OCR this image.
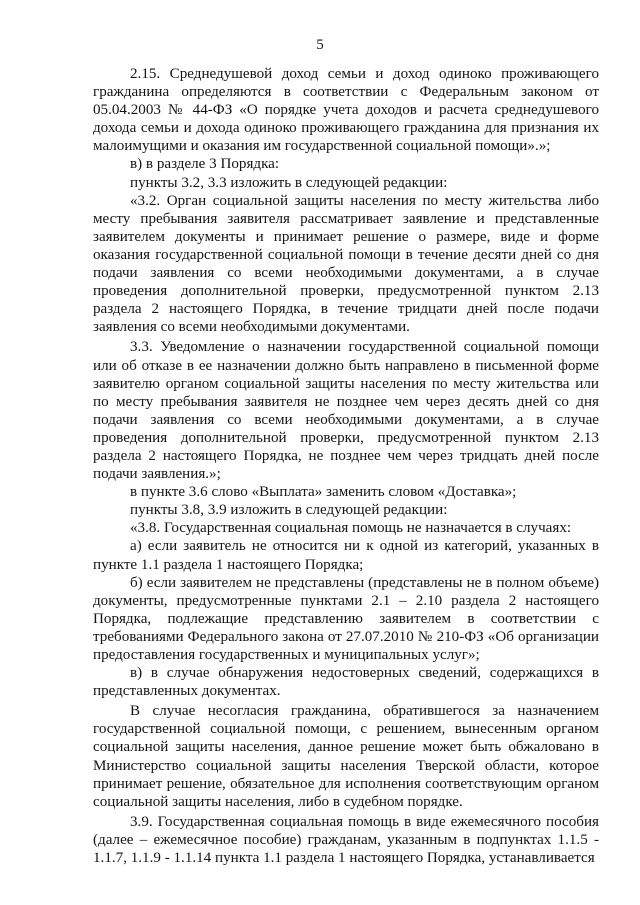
5

2.15. Среднедушевой доход семьи и доход одиноко проживающего гражданина определяются в соответствии с Федеральным законом от 05.04.2003 № 44-ФЗ «О порядке учета доходов и расчета среднедушевого дохода семьи и дохода одиноко проживающего гражданина для признания их малоимущими и оказания им государственной социальной помощи».»;

в) в разделе 3 Порядка:

пункты 3.2, 3.3 изложить в следующей редакции:

«3.2. Орган социальной защиты населения по месту жительства либо месту пребывания заявителя рассматривает заявление и представленные заявителем документы и принимает решение о размере, виде и форме оказания государственной социальной помощи в течение десяти дней со дня подачи заявления со всеми необходимыми документами, а в случае проведения дополнительной проверки, предусмотренной пунктом 2.13 раздела 2 настоящего Порядка, в течение тридцати дней после подачи заявления со всеми необходимыми документами.

3.3. Уведомление о назначении государственной социальной помощи или об отказе в ее назначении должно быть направлено в письменной форме заявителю органом социальной защиты населения по месту жительства или по месту пребывания заявителя не позднее чем через десять дней со дня подачи заявления со всеми необходимыми документами, а в случае проведения дополнительной проверки, предусмотренной пунктом 2.13 раздела 2 настоящего Порядка, не позднее чем через тридцать дней после подачи заявления.»;

в пункте 3.6 слово «Выплата» заменить словом «Доставка»;

пункты 3.8, 3.9 изложить в следующей редакции:

«3.8. Государственная социальная помощь не назначается в случаях:

а) если заявитель не относится ни к одной из категорий, указанных в пункте 1.1 раздела 1 настоящего Порядка;

б) если заявителем не представлены (представлены не в полном объеме) документы, предусмотренные пунктами 2.1 – 2.10 раздела 2 настоящего Порядка, подлежащие представлению заявителем в соответствии с требованиями Федерального закона от 27.07.2010 № 210-ФЗ «Об организации предоставления государственных и муниципальных услуг»;

в) в случае обнаружения недостоверных сведений, содержащихся в представленных документах.

В случае несогласия гражданина, обратившегося за назначением государственной социальной помощи, с решением, вынесенным органом социальной защиты населения, данное решение может быть обжаловано в Министерство социальной защиты населения Тверской области, которое принимает решение, обязательное для исполнения соответствующим органом социальной защиты населения, либо в судебном порядке.

3.9. Государственная социальная помощь в виде ежемесячного пособия (далее – ежемесячное пособие) гражданам, указанным в подпунктах 1.1.5 - 1.1.7, 1.1.9 - 1.1.14 пункта 1.1 раздела 1 настоящего Порядка, устанавливается
